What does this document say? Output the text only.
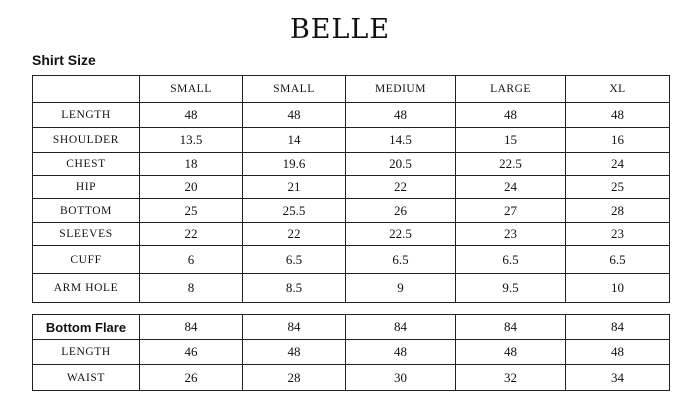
BELLE
Shirt Size
	SMALL	SMALL	MEDIUM	LARGE	XL
LENGTH	48	48	48	48	48
SHOULDER	13.5	14	14.5	15	16
CHEST	18	19.6	20.5	22.5	24
HIP	20	21	22	24	25
BOTTOM	25	25.5	26	27	28
SLEEVES	22	22	22.5	23	23
CUFF	6	6.5	6.5	6.5	6.5
ARM HOLE	8	8.5	9	9.5	10
Bottom Flare	84	84	84	84	84
LENGTH	46	48	48	48	48
WAIST	26	28	30	32	34
